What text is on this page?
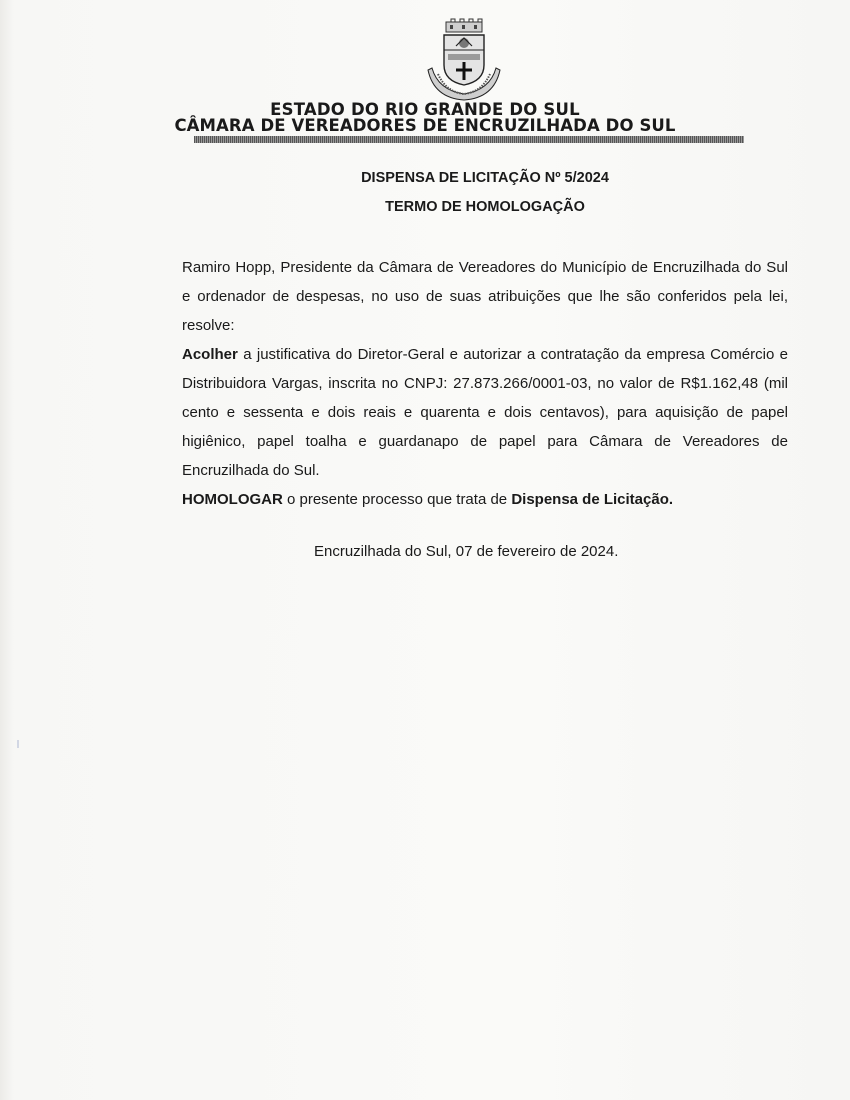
ESTADO DO RIO GRANDE DO SUL
CÂMARA DE VEREADORES DE ENCRUZILHADA DO SUL
DISPENSA DE LICITAÇÃO Nº 5/2024
TERMO DE HOMOLOGAÇÃO

Ramiro Hopp, Presidente da Câmara de Vereadores do Município de Encruzilhada do Sul e ordenador de despesas, no uso de suas atribuições que lhe são conferidos pela lei, resolve:

Acolher a justificativa do Diretor-Geral e autorizar a contratação da empresa Comércio e Distribuidora Vargas, inscrita no CNPJ: 27.873.266/0001-03, no valor de R$1.162,48 (mil cento e sessenta e dois reais e quarenta e dois centavos), para aquisição de papel higiênico, papel toalha e guardanapo de papel para Câmara de Vereadores de Encruzilhada do Sul.

HOMOLOGAR o presente processo que trata de Dispensa de Licitação.

Encruzilhada do Sul, 07 de fevereiro de 2024.
